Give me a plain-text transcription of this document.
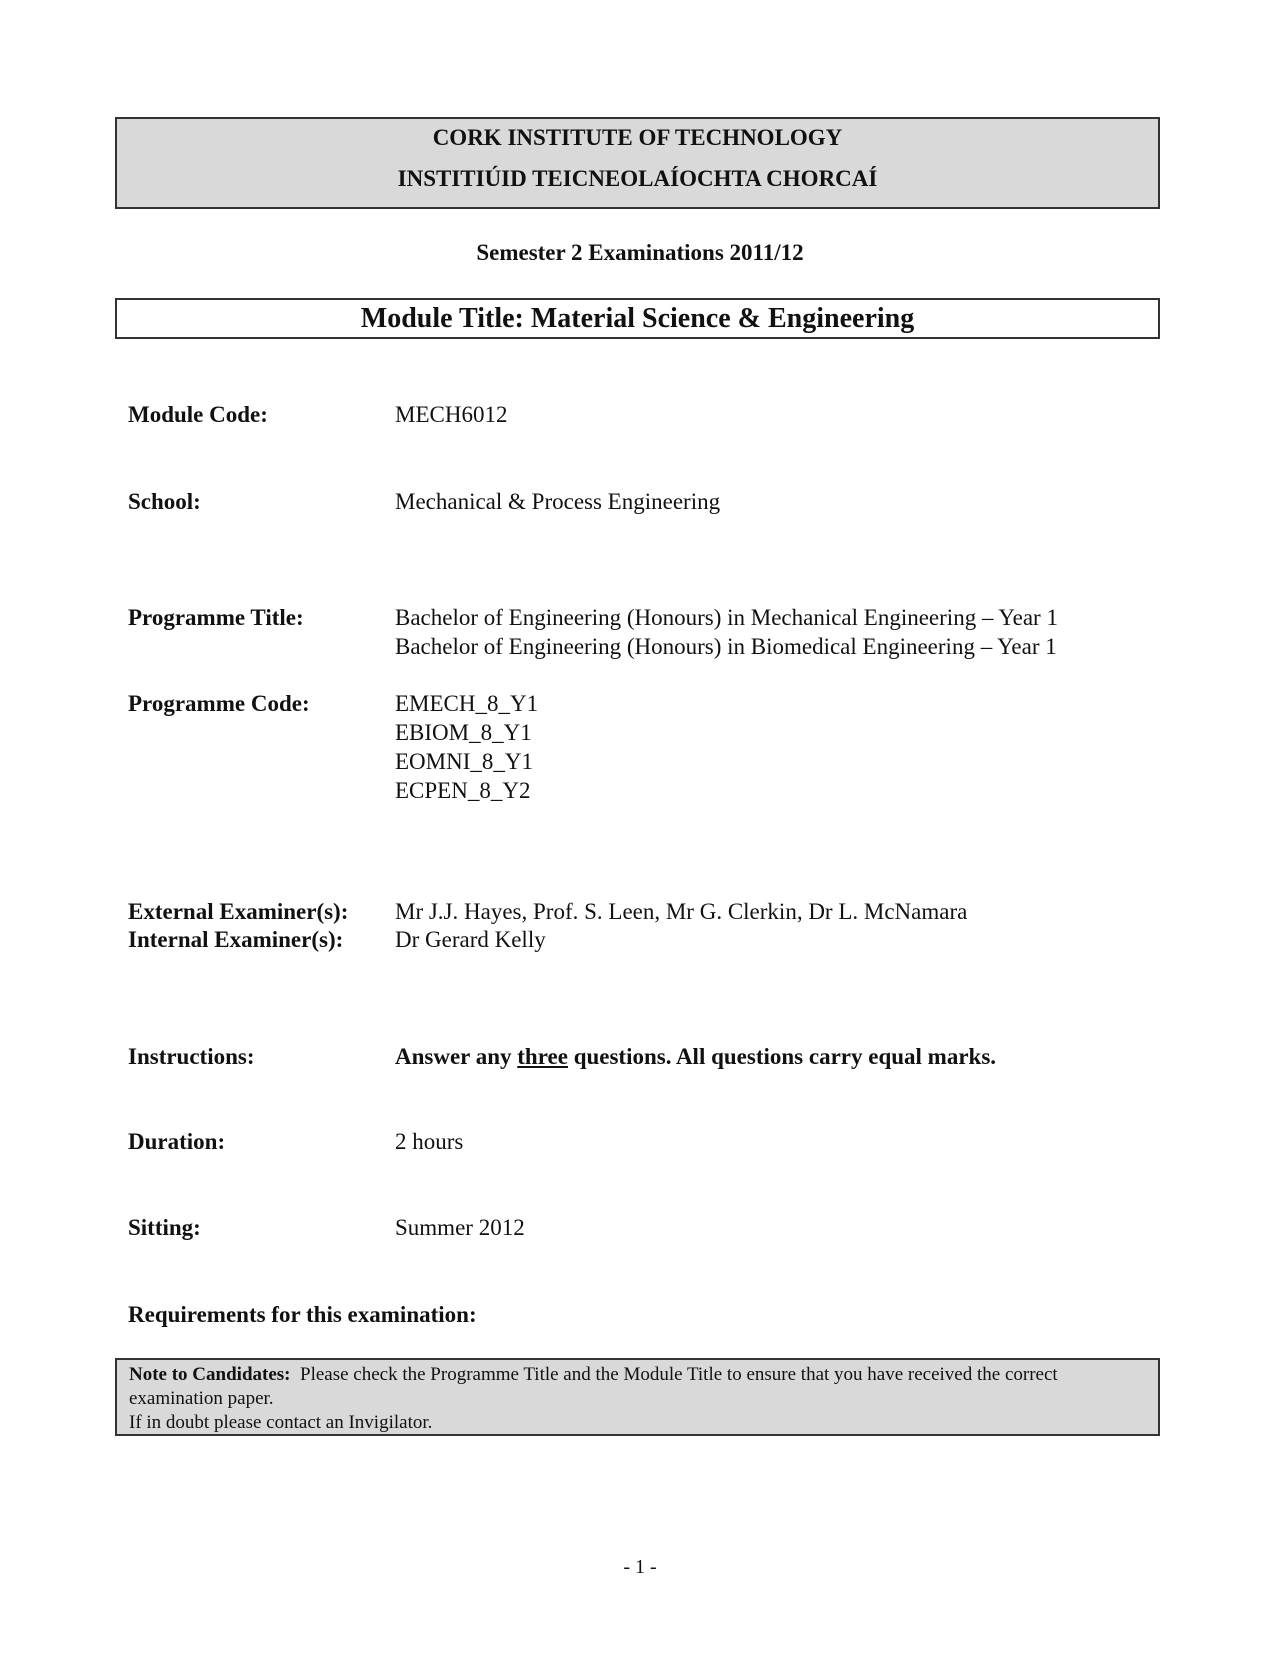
CORK INSTITUTE OF TECHNOLOGY
INSTITIÚID TEICNEOLAÍOCHTA CHORCAÍ
Semester 2 Examinations 2011/12
Module Title: Material Science & Engineering
Module Code:	MECH6012
School:	Mechanical & Process Engineering
Programme Title:	Bachelor of Engineering (Honours) in Mechanical Engineering – Year 1
Bachelor of Engineering (Honours) in Biomedical Engineering – Year 1
Programme Code:	EMECH_8_Y1
EBIOM_8_Y1
EOMNI_8_Y1
ECPEN_8_Y2
External Examiner(s): Mr J.J. Hayes, Prof. S. Leen, Mr G. Clerkin, Dr L. McNamara
Internal Examiner(s): Dr Gerard Kelly
Instructions:	Answer any three questions. All questions carry equal marks.
Duration:	2 hours
Sitting:	Summer 2012
Requirements for this examination:
Note to Candidates: Please check the Programme Title and the Module Title to ensure that you have received the correct examination paper.
If in doubt please contact an Invigilator.
- 1 -
